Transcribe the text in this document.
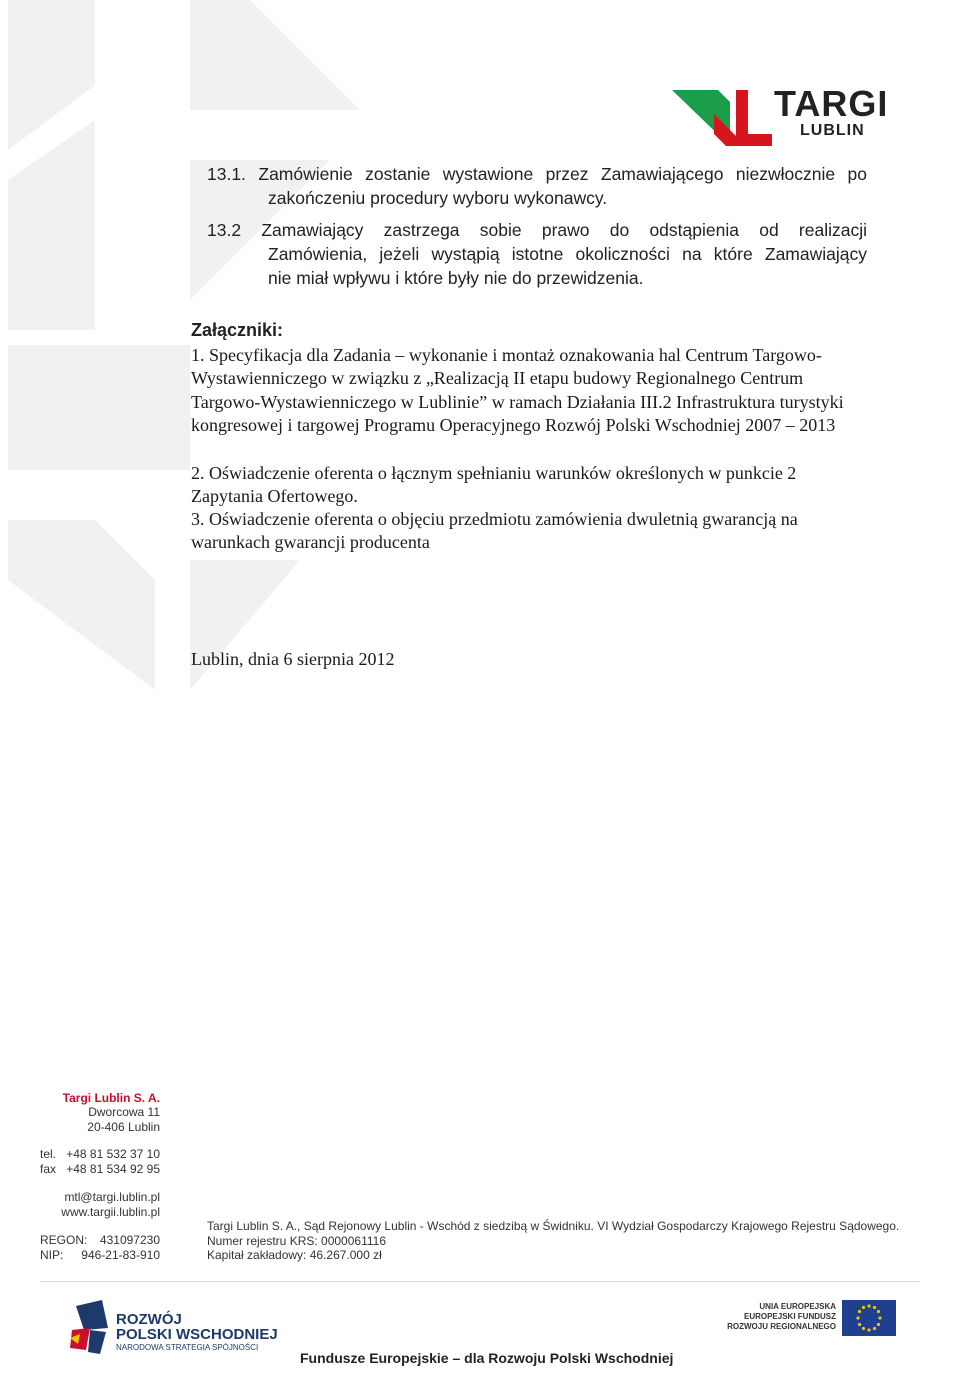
TARGI
LUBLIN
13.1. Zamówienie zostanie wystawione przez Zamawiającego niezwłocznie po
zakończeniu procedury wyboru wykonawcy.
13.2 Zamawiający zastrzega sobie prawo do odstąpienia od realizacji
Zamówienia, jeżeli wystąpią istotne okoliczności na które Zamawiający
nie miał wpływu i które były nie do przewidzenia.
Załączniki:
1. Specyfikacja dla Zadania – wykonanie i montaż oznakowania hal Centrum Targowo-Wystawienniczego w związku z „Realizacją II etapu budowy Regionalnego Centrum Targowo-Wystawienniczego w Lublinie” w ramach Działania III.2 Infrastruktura turystyki kongresowej i targowej Programu Operacyjnego Rozwój Polski Wschodniej 2007 – 2013
2. Oświadczenie oferenta o łącznym spełnianiu warunków określonych w punkcie 2 Zapytania Ofertowego.
3. Oświadczenie oferenta o objęciu przedmiotu zamówienia dwuletnią gwarancją na warunkach gwarancji producenta
Lublin, dnia 6 sierpnia 2012
Targi Lublin S. A.
Dworcowa 11
20-406 Lublin
tel. +48 81 532 37 10
fax +48 81 534 92 95
mtl@targi.lublin.pl
www.targii.lublin.pl
REGON: 431097230
NIP: 946-21-83-910
Targi Lublin S. A., Sąd Rejonowy Lublin - Wschód z siedzibą w Świdniku. VI Wydział Gospodarczy Krajowego Rejestru Sądowego.
Numer rejestru KRS: 0000061116
Kapitał zakładowy: 46.267.000 zł
ROZWÓJ
POLSKI WSCHODNIEJ
NARODOWA STRATEGIA SPÓJNOŚCI
UNIA EUROPEJSKA
EUROPEJSKI FUNDUSZ
ROZWOJU REGIONALNEGO
Fundusze Europejskie – dla Rozwoju Polski Wschodniej
